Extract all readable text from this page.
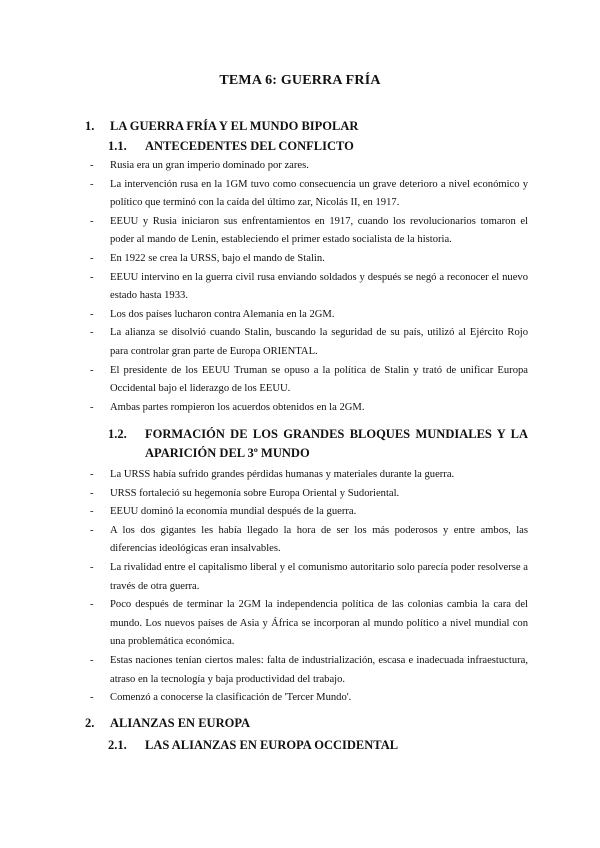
TEMA 6: GUERRA FRÍA
1. LA GUERRA FRÍA Y EL MUNDO BIPOLAR
1.1.	ANTECEDENTES DEL CONFLICTO
- Rusia era un gran imperio dominado por zares.
- La intervención rusa en la 1GM tuvo como consecuencia un grave deterioro a nivel económico y político que terminó con la caída del último zar, Nicolás II, en 1917.
- EEUU y Rusia iniciaron sus enfrentamientos en 1917, cuando los revolucionarios tomaron el poder al mando de Lenin, estableciendo el primer estado socialista de la historia.
- En 1922 se crea la URSS, bajo el mando de Stalin.
- EEUU intervino en la guerra civil rusa enviando soldados y después se negó a reconocer el nuevo estado hasta 1933.
- Los dos países lucharon contra Alemania en la 2GM.
- La alianza se disolvió cuando Stalin, buscando la seguridad de su país, utilizó al Ejército Rojo para controlar gran parte de Europa ORIENTAL.
- El presidente de los EEUU Truman se opuso a la política de Stalin y trató de unificar Europa Occidental bajo el liderazgo de los EEUU.
- Ambas partes rompieron los acuerdos obtenidos en la 2GM.
1.2.	FORMACIÓN DE LOS GRANDES BLOQUES MUNDIALES Y LA APARICIÓN DEL 3º MUNDO
- La URSS había sufrido grandes pérdidas humanas y materiales durante la guerra.
- URSS fortaleció su hegemonía sobre Europa Oriental y Sudoriental.
- EEUU dominó la economía mundial después de la guerra.
- A los dos gigantes les había llegado la hora de ser los más poderosos y entre ambos, las diferencias ideológicas eran insalvables.
- La rivalidad entre el capitalismo liberal y el comunismo autoritario solo parecía poder resolverse a través de otra guerra.
- Poco después de terminar la 2GM la independencia política de las colonias cambia la cara del mundo. Los nuevos países de Asia y África se incorporan al mundo político a nivel mundial con una problemática económica.
- Estas naciones tenían ciertos males: falta de industrialización, escasa e inadecuada infraestuctura, atraso en la tecnología y baja productividad del trabajo.
- Comenzó a conocerse la clasificación de 'Tercer Mundo'.
2. ALIANZAS EN EUROPA
2.1.	LAS ALIANZAS EN EUROPA OCCIDENTAL
